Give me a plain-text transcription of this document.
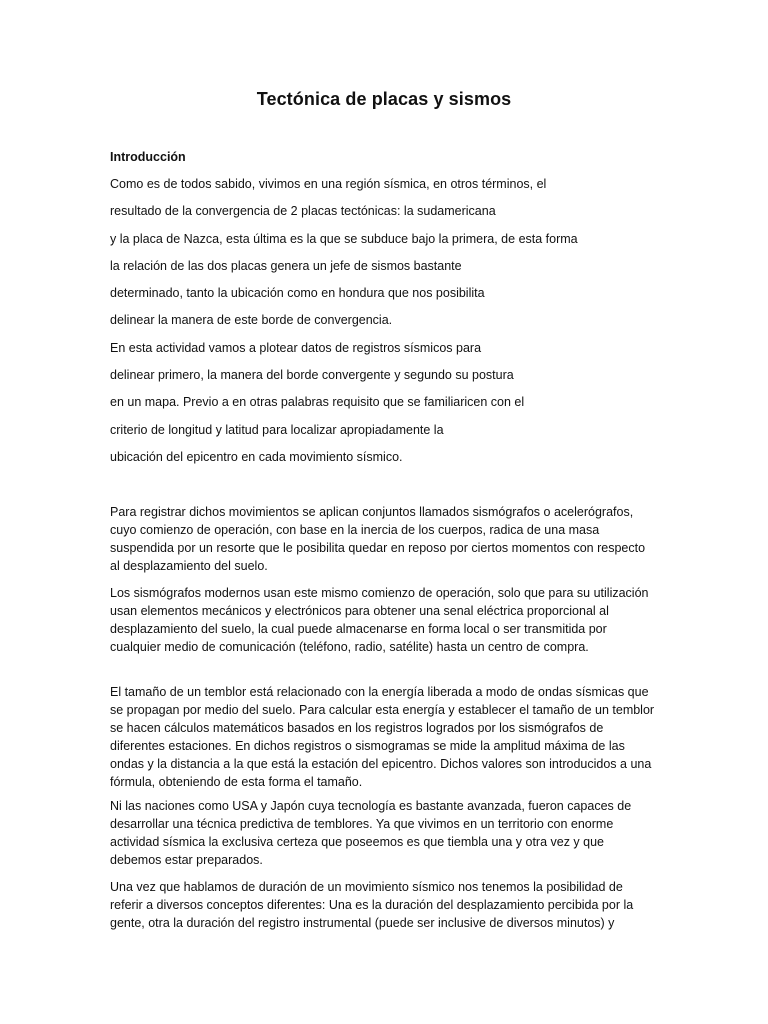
Tectónica de placas y sismos
Introducción
Como es de todos sabido, vivimos en una región sísmica, en otros términos, el
resultado de la convergencia de 2 placas tectónicas: la sudamericana
y la placa de Nazca, esta última es la que se subduce bajo la primera, de esta forma
la relación de las dos placas genera un jefe de sismos bastante
determinado, tanto la ubicación como en hondura que nos posibilita
delinear la manera de este borde de convergencia.
En esta actividad vamos a plotear datos de registros sísmicos para
delinear primero, la manera del borde convergente y segundo su postura
en un mapa. Previo a en otras palabras requisito que se familiaricen con el
criterio de longitud y latitud para localizar apropiadamente la
ubicación del epicentro en cada movimiento sísmico.

Para registrar dichos movimientos se aplican conjuntos llamados sismógrafos o acelerógrafos, cuyo comienzo de operación, con base en la inercia de los cuerpos, radica de una masa suspendida por un resorte que le posibilita quedar en reposo por ciertos momentos con respecto al desplazamiento del suelo.

Los sismógrafos modernos usan este mismo comienzo de operación, solo que para su utilización usan elementos mecánicos y electrónicos para obtener una senal eléctrica proporcional al desplazamiento del suelo, la cual puede almacenarse en forma local o ser transmitida por cualquier medio de comunicación (teléfono, radio, satélite) hasta un centro de compra.

El tamaño de un temblor está relacionado con la energía liberada a modo de ondas sísmicas que se propagan por medio del suelo. Para calcular esta energía y establecer el tamaño de un temblor se hacen cálculos matemáticos basados en los registros logrados por los sismógrafos de diferentes estaciones. En dichos registros o sismogramas se mide la amplitud máxima de las ondas y la distancia a la que está la estación del epicentro. Dichos valores son introducidos a una fórmula, obteniendo de esta forma el tamaño.

Ni las naciones como USA y Japón cuya tecnología es bastante avanzada, fueron capaces de desarrollar una técnica predictiva de temblores. Ya que vivimos en un territorio con enorme actividad sísmica la exclusiva certeza que poseemos es que tiembla una y otra vez y que debemos estar preparados.

Una vez que hablamos de duración de un movimiento sísmico nos tenemos la posibilidad de referir a diversos conceptos diferentes: Una es la duración del desplazamiento percibida por la gente, otra la duración del registro instrumental (puede ser inclusive de diversos minutos) y
